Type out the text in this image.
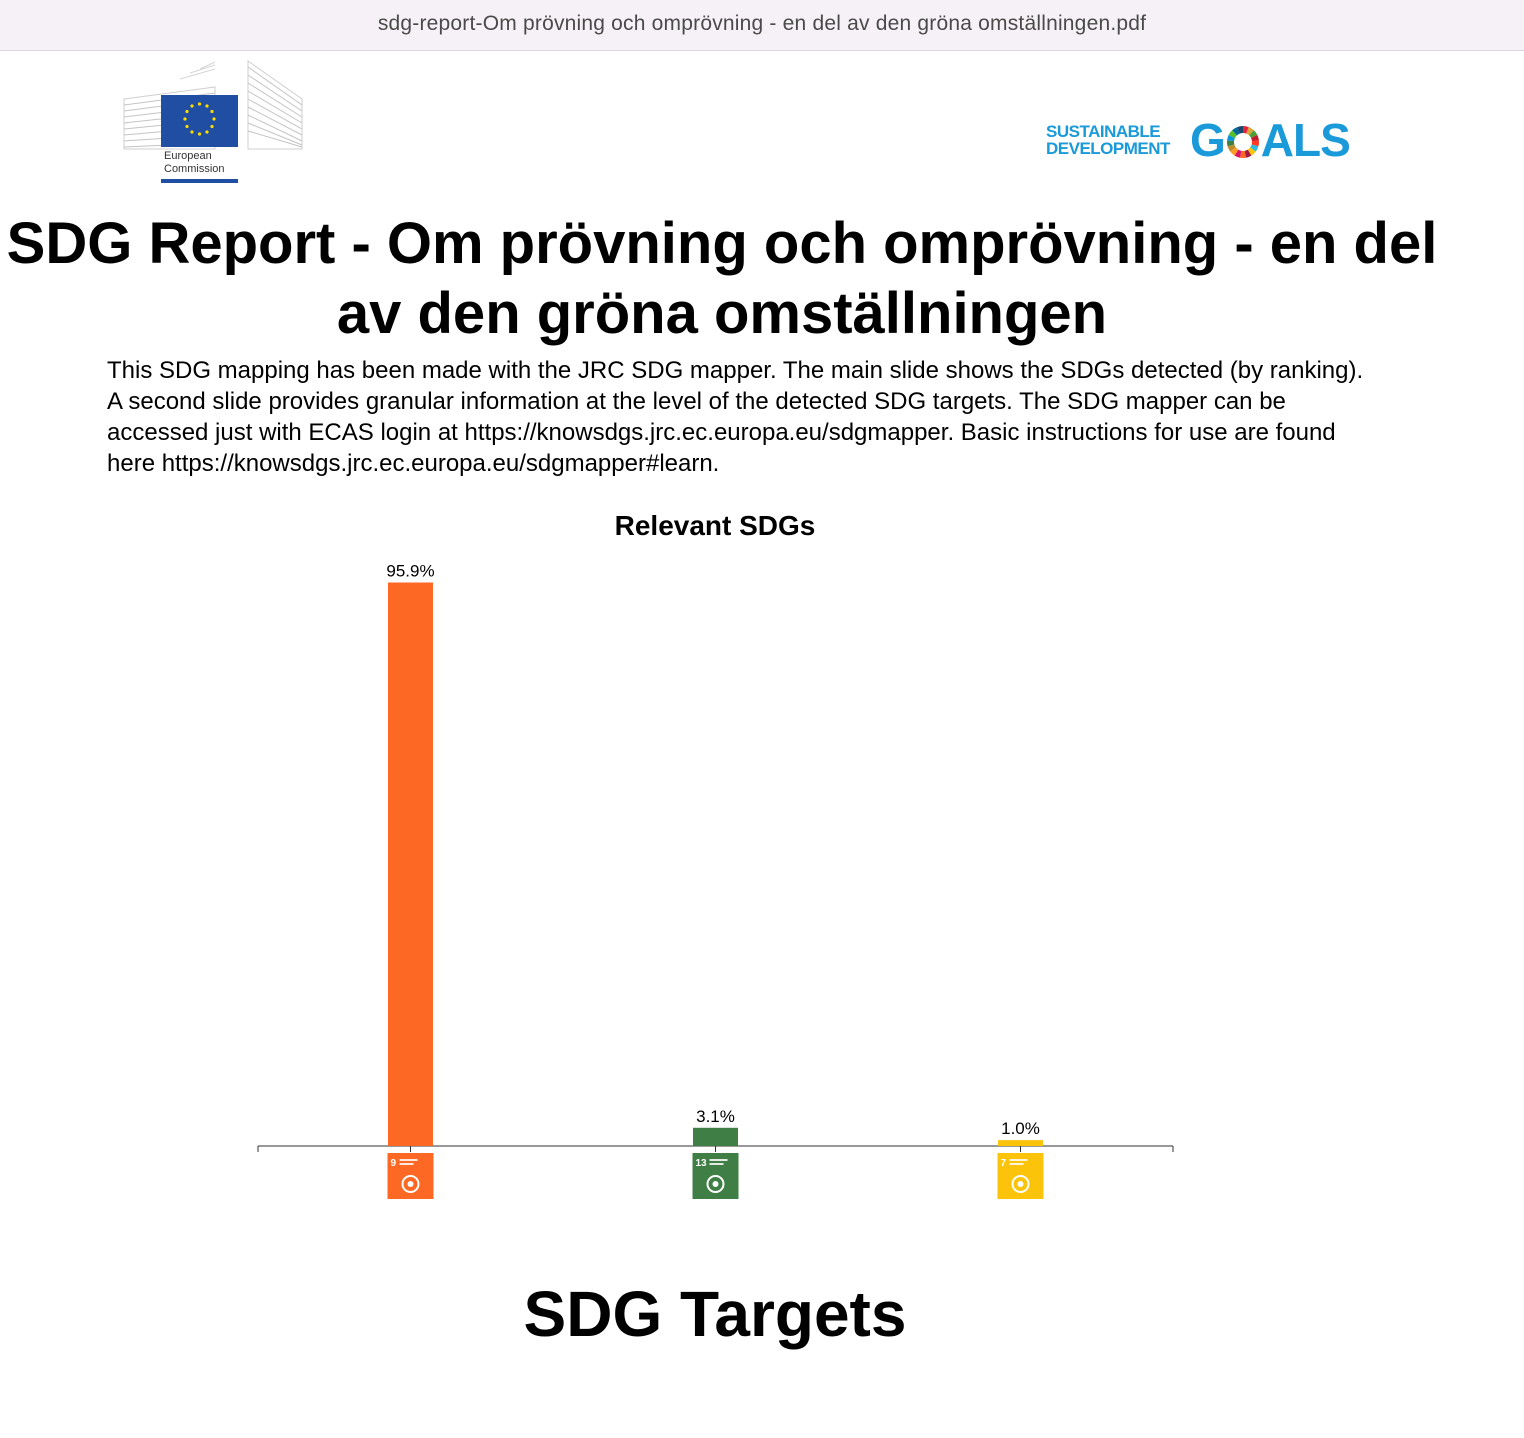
sdg-report-Om prövning och omprövning - en del av den gröna omställningen.pdf
European
Commission
SUSTAINABLE
DEVELOPMENT G ALS
SDG Report - Om prövning och omprövning - en del av den gröna omställningen

This SDG mapping has been made with the JRC SDG mapper. The main slide shows the SDGs detected (by ranking). A second slide provides granular information at the level of the detected SDG targets. The SDG mapper can be accessed just with ECAS login at https://knowsdgs.jrc.ec.europa.eu/sdgmapper. Basic instructions for use are found here https://knowsdgs.jrc.ec.europa.eu/sdgmapper#learn.

Relevant SDGs
95.9%
9
3.1%
13
1.0%
7
SDG Targets
